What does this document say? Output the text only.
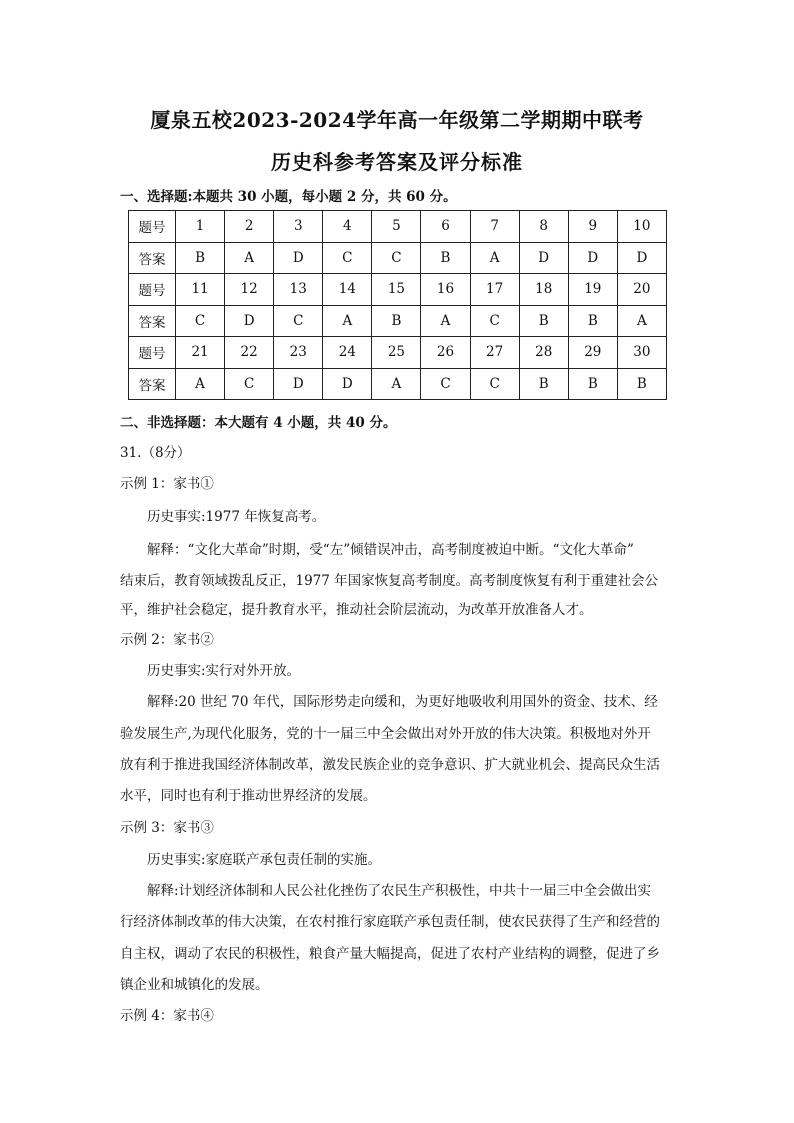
厦泉五校2023-2024学年高一年级第二学期期中联考
历史科参考答案及评分标准
一、选择题:本题共 30 小题，每小题 2 分，共 60 分。
题号	1	2	3	4	5	6	7	8	9	10
答案	B	A	D	C	C	B	A	D	D	D
题号	11	12	13	14	15	16	17	18	19	20
答案	C	D	C	A	B	A	C	B	B	A
题号	21	22	23	24	25	26	27	28	29	30
答案	A	C	D	D	A	C	C	B	B	B
二、非选择题：本大题有 4 小题，共 40 分。
31.（8分）
示例 1：家书①
历史事实:1977 年恢复高考。
解释：“文化大革命”时期，受“左”倾错误冲击，高考制度被迫中断。“文化大革命”
结束后，教育领域拨乱反正，1977 年国家恢复高考制度。高考制度恢复有利于重建社会公
平，维护社会稳定，提升教育水平，推动社会阶层流动，为改革开放准备人才。
示例 2：家书②
历史事实:实行对外开放。
解释:20 世纪 70 年代，国际形势走向缓和，为更好地吸收利用国外的资金、技术、经
验发展生产,为现代化服务，党的十一届三中全会做出对外开放的伟大决策。积极地对外开
放有利于推进我国经济体制改革，激发民族企业的竞争意识、扩大就业机会、提高民众生活
水平，同时也有利于推动世界经济的发展。
示例 3：家书③
历史事实:家庭联产承包责任制的实施。
解释:计划经济体制和人民公社化挫伤了农民生产积极性，中共十一届三中全会做出实
行经济体制改革的伟大决策，在农村推行家庭联产承包责任制，使农民获得了生产和经营的
自主权，调动了农民的积极性，粮食产量大幅提高，促进了农村产业结构的调整，促进了乡
镇企业和城镇化的发展。
示例 4：家书④
